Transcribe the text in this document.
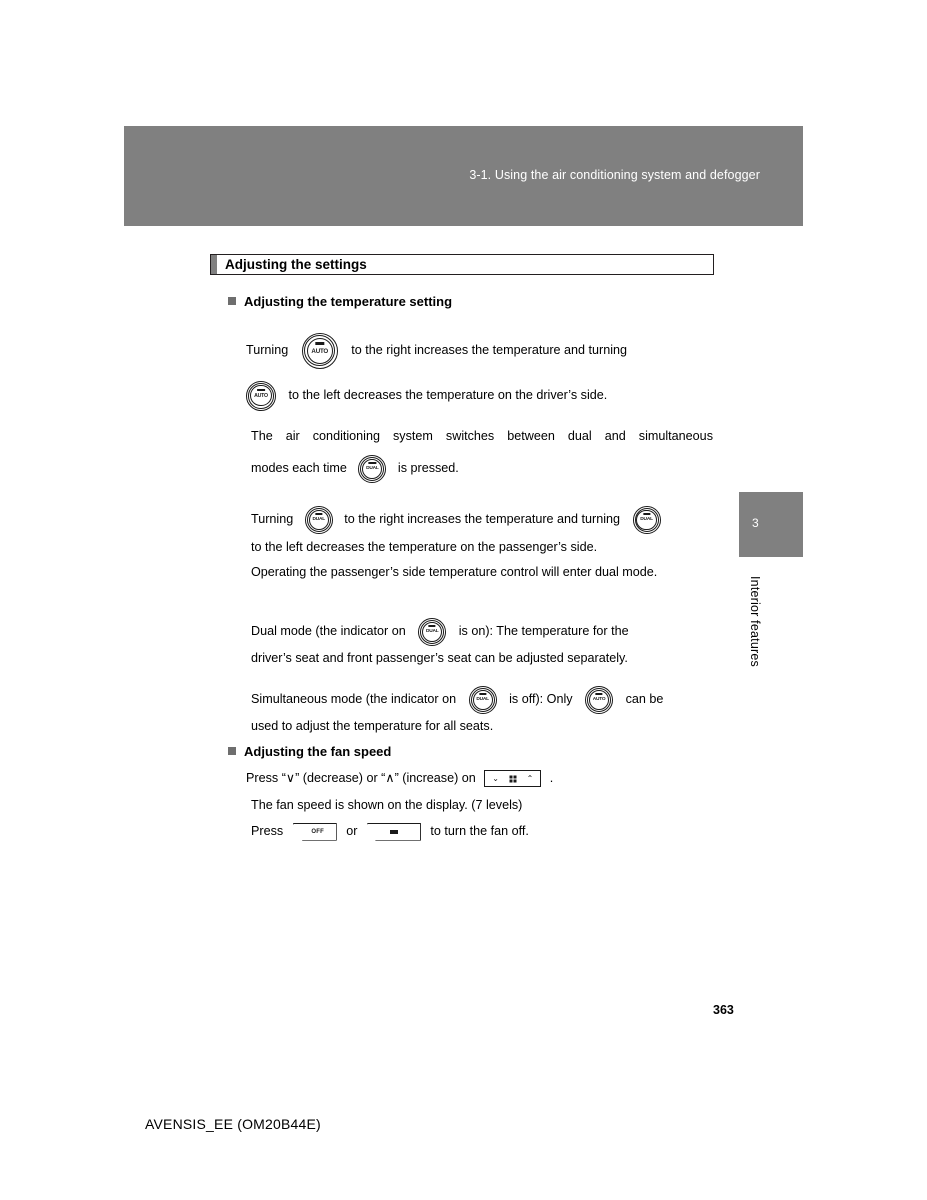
3-1. Using the air conditioning system and defogger
Adjusting the settings
Adjusting the temperature setting
Turning	AUTO	to the right increases the temperature and turning
AUTO	to the left decreases the temperature on the driver’s side.
The air conditioning system switches between dual and simultaneous
modes each time	DUAL	is pressed.
Turning	DUAL	to the right increases the temperature and turning	DUAL
to the left decreases the temperature on the passenger’s side.
Operating the passenger’s side temperature control will enter dual mode.
Dual mode (the indicator on	DUAL	is on): The temperature for the
driver’s seat and front passenger’s seat can be adjusted separately.
Simultaneous mode (the indicator on	DUAL	is off): Only	AUTO	can be
used to adjust the temperature for all seats.
Adjusting the fan speed
Press “∨” (decrease) or “∧” (increase) on ⌄	⌃ .
The fan speed is shown on the display. (7 levels)
Press	OFF	or	to turn the fan off.
3
Interior features
363
AVENSIS_EE (OM20B44E)
